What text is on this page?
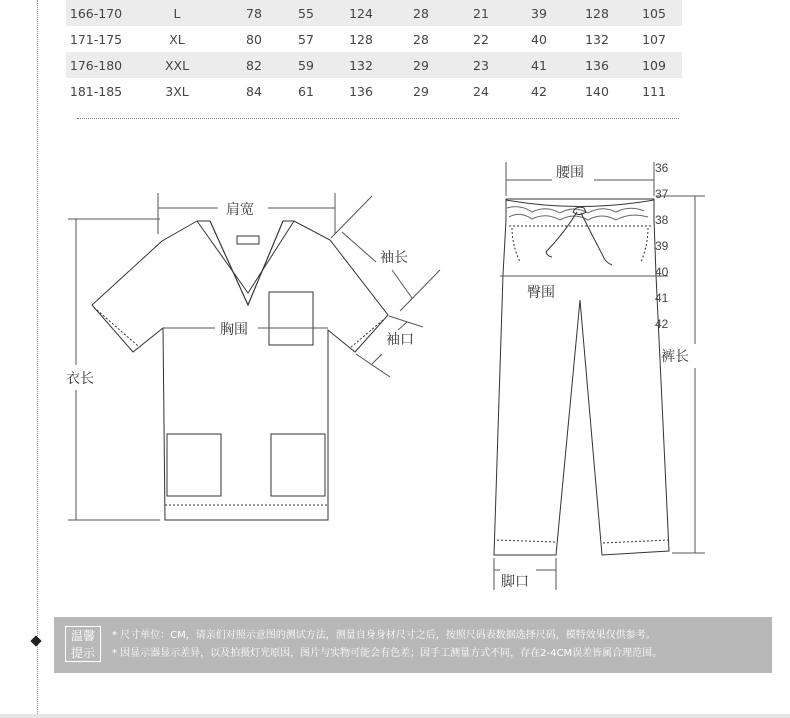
166-170	L	78	55	124	28	21	39	128	105
171-175	XL	80	57	128	28	22	40	132	107
176-180	XXL	82	59	132	29	23	41	136	109
181-185	3XL	84	61	136	29	24	42	140	111
肩宽
袖长
胸围
袖口
衣长
腰围
臀围
裤长
脚口
36
37
38
39
40
41
42
温馨
提示
* 尺寸单位：CM，请亲们对照示意图的测试方法，测量自身身材尺寸之后，按照尺码表数据选择尺码，模特效果仅供参考。
* 因显示器显示差异，以及拍摄灯光原因，图片与实物可能会有色差；因手工测量方式不同，存在2-4CM误差皆属合理范围。
